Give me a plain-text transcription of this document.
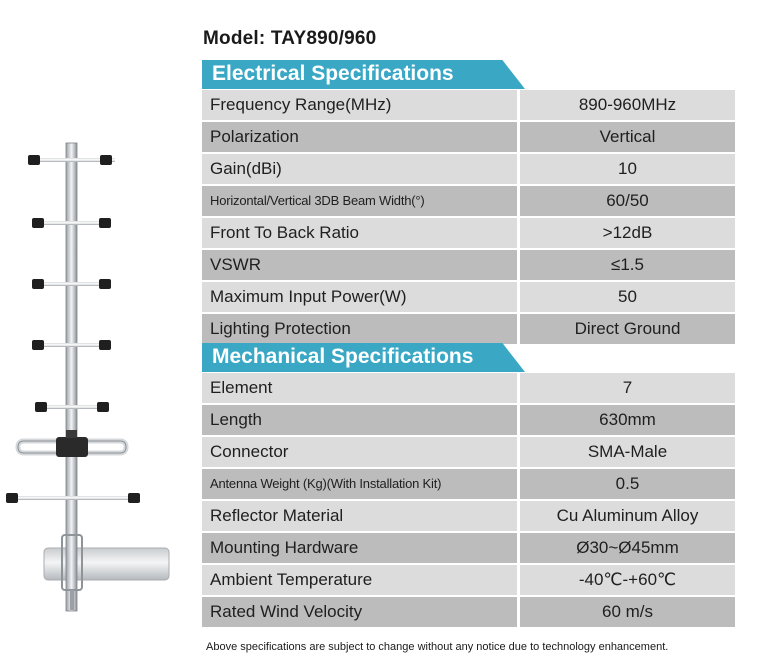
Model: TAY890/960
Electrical Specifications
Frequency Range(MHz)	890-960MHz
Polarization	Vertical
Gain(dBi)	10
Horizontal/Vertical 3DB Beam Width(°)	60/50
Front To Back Ratio	>12dB
VSWR	≤1.5
Maximum Input Power(W)	50
Lighting Protection	Direct Ground
Mechanical Specifications
Element	7
Length	630mm
Connector	SMA-Male
Antenna Weight (Kg)(With Installation Kit)	0.5
Reflector Material	Cu Aluminum Alloy
Mounting Hardware	Ø30~Ø45mm
Ambient Temperature	-40℃-+60℃
Rated Wind Velocity	60 m/s
Above specifications are subject to change without any notice due to technology enhancement.
